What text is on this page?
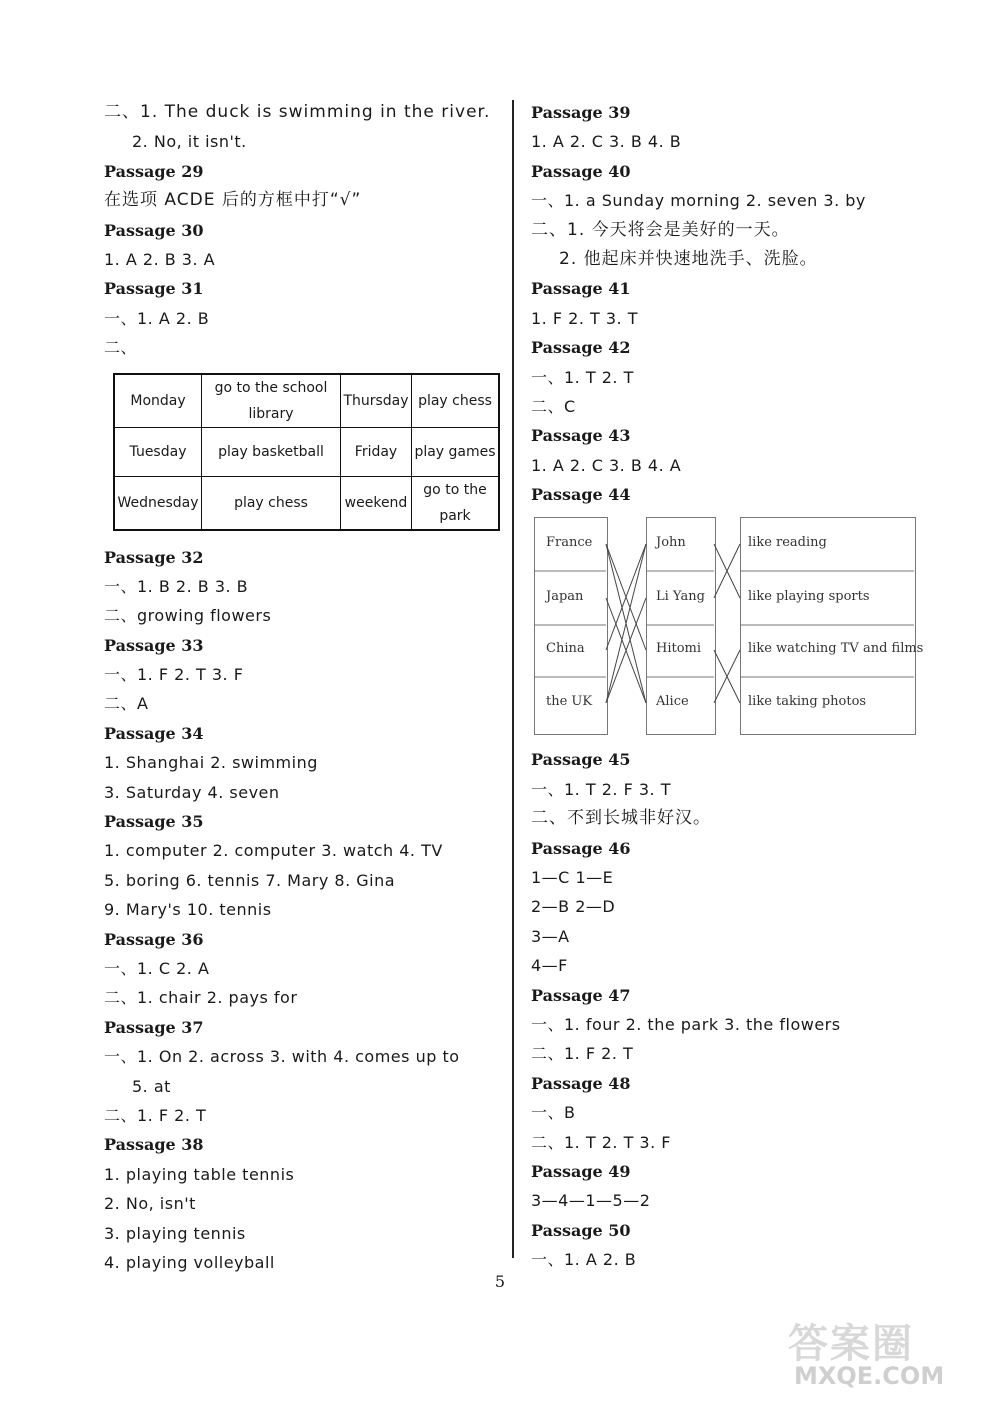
二、1. The duck is swimming in the river.
2. No, it isn't.
Passage 29
在选项 ACDE 后的方框中打“√”
Passage 30
1. A 2. B 3. A
Passage 31
一、1. A 2. B
二、
Monday	go to the school library	Thursday	play chess
Tuesday	play basketball	Friday	play games
Wednesday	play chess	weekend	go to the park
Passage 32
一、1. B 2. B 3. B
二、growing flowers
Passage 33
一、1. F 2. T 3. F
二、A
Passage 34
1. Shanghai 2. swimming
3. Saturday 4. seven
Passage 35
1. computer 2. computer 3. watch 4. TV
5. boring 6. tennis 7. Mary 8. Gina
9. Mary's 10. tennis
Passage 36
一、1. C 2. A
二、1. chair 2. pays for
Passage 37
一、1. On 2. across 3. with 4. comes up to
5. at
二、1. F 2. T
Passage 38
1. playing table tennis
2. No, isn't
3. playing tennis
4. playing volleyball
Passage 39
1. A 2. C 3. B 4. B
Passage 40
一、1. a Sunday morning 2. seven 3. by
二、1. 今天将会是美好的一天。
2. 他起床并快速地洗手、洗脸。
Passage 41
1. F 2. T 3. T
Passage 42
一、1. T 2. T
二、C
Passage 43
1. A 2. C 3. B 4. A
Passage 44
France
Japan
China
the UK
John
Li Yang
Hitomi
Alice
like reading
like playing sports
like watching TV and films
like taking photos
Passage 45
一、1. T 2. F 3. T
二、不到长城非好汉。
Passage 46
1—C 1—E
2—B 2—D
3—A
4—F
Passage 47
一、1. four 2. the park 3. the flowers
二、1. F 2. T
Passage 48
一、B
二、1. T 2. T 3. F
Passage 49
3—4—1—5—2
Passage 50
一、1. A 2. B
5
答案圈
MXQE.COM
